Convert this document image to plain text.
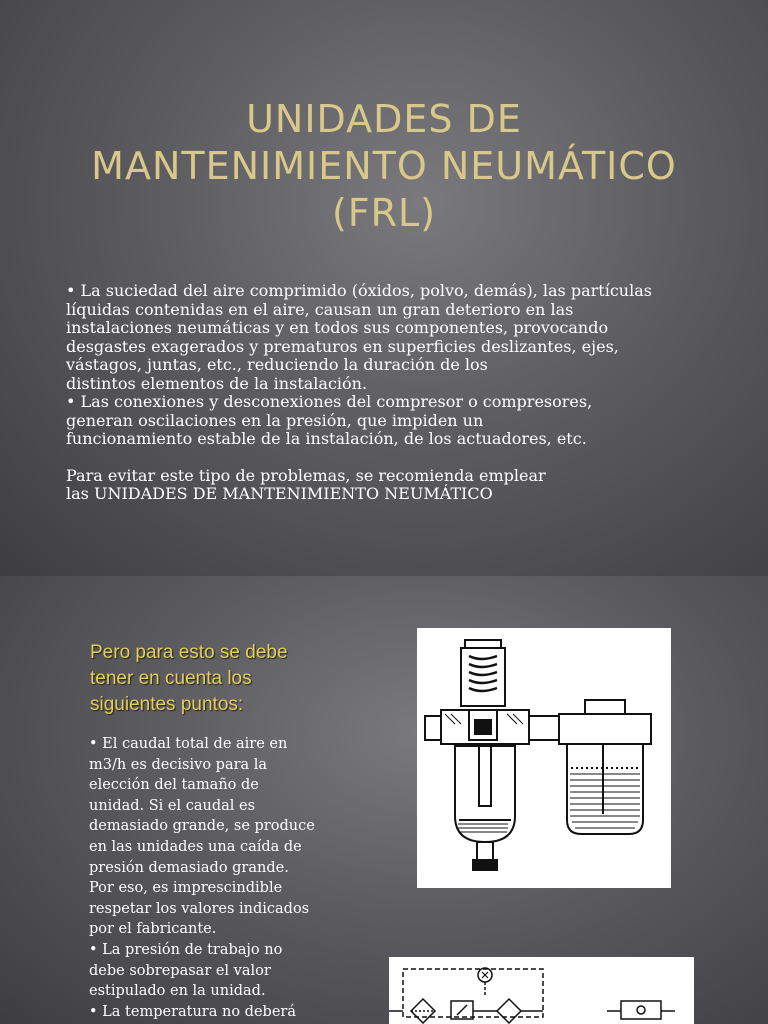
UNIDADES DE
MANTENIMIENTO NEUMÁTICO
(FRL)
• La suciedad del aire comprimido (óxidos, polvo, demás), las partículas
líquidas contenidas en el aire, causan un gran deterioro en las
instalaciones neumáticas y en todos sus componentes, provocando
desgastes exagerados y prematuros en superficies deslizantes, ejes,
vástagos, juntas, etc., reduciendo la duración de los
distintos elementos de la instalación.
• Las conexiones y desconexiones del compresor o compresores,
generan oscilaciones en la presión, que impiden un
funcionamiento estable de la instalación, de los actuadores, etc.
Para evitar este tipo de problemas, se recomienda emplear
las UNIDADES DE MANTENIMIENTO NEUMÁTICO
Pero para esto se debe
tener en cuenta los
siguientes puntos:
• El caudal total de aire en
m3/h es decisivo para la
elección del tamaño de
unidad. Si el caudal es
demasiado grande, se produce
en las unidades una caída de
presión demasiado grande.
Por eso, es imprescindible
respetar los valores indicados
por el fabricante.
• La presión de trabajo no
debe sobrepasar el valor
estipulado en la unidad.
• La temperatura no deberá
